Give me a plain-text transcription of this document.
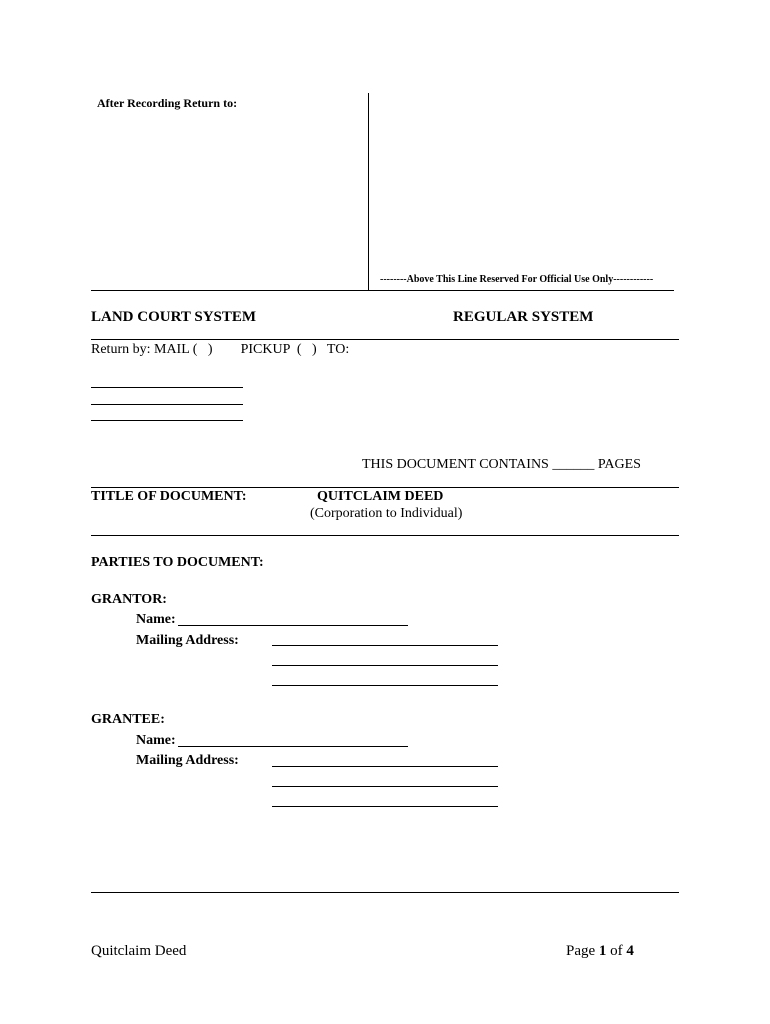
After Recording Return to:
--------Above This Line Reserved For Official Use Only------------
LAND COURT SYSTEM	REGULAR SYSTEM
Return by: MAIL (   )        PICKUP  (   )   TO:
THIS DOCUMENT CONTAINS ______ PAGES
TITLE OF DOCUMENT:	QUITCLAIM DEED
(Corporation to Individual)
PARTIES TO DOCUMENT:
GRANTOR:
Name:
Mailing Address:
GRANTEE:
Name:
Mailing Address:
Quitclaim Deed	Page 1 of 4
